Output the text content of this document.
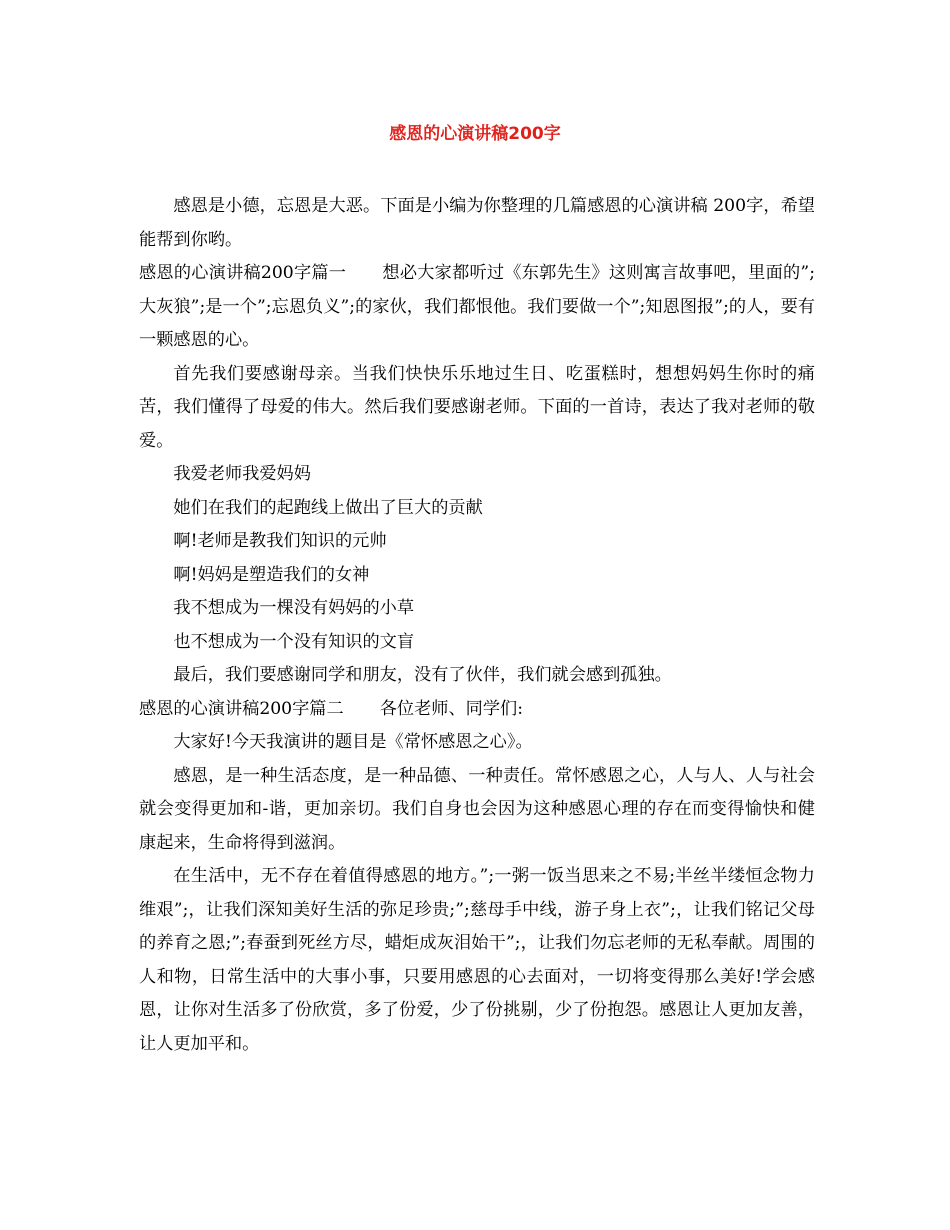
感恩的心演讲稿200字

感恩是小德，忘恩是大恶。下面是小编为你整理的几篇感恩的心演讲稿 200字，希望能帮到你哟。

感恩的心演讲稿200字篇一 想必大家都听过《东郭先生》这则寓言故事吧，里面的”;大灰狼”;是一个”;忘恩负义”;的家伙，我们都恨他。我们要做一个”;知恩图报”;的人，要有一颗感恩的心。

首先我们要感谢母亲。当我们快快乐乐地过生日、吃蛋糕时，想想妈妈生你时的痛苦，我们懂得了母爱的伟大。然后我们要感谢老师。下面的一首诗，表达了我对老师的敬爱。

我爱老师我爱妈妈

她们在我们的起跑线上做出了巨大的贡献

啊!老师是教我们知识的元帅

啊!妈妈是塑造我们的女神

我不想成为一棵没有妈妈的小草

也不想成为一个没有知识的文盲

最后，我们要感谢同学和朋友，没有了伙伴，我们就会感到孤独。

感恩的心演讲稿200字篇二 各位老师、同学们:

大家好!今天我演讲的题目是《常怀感恩之心》。

感恩，是一种生活态度，是一种品德、一种责任。常怀感恩之心，人与人、人与社会就会变得更加和-谐，更加亲切。我们自身也会因为这种感恩心理的存在而变得愉快和健康起来，生命将得到滋润。

在生活中，无不存在着值得感恩的地方。”;一粥一饭当思来之不易;半丝半缕恒念物力维艰”;，让我们深知美好生活的弥足珍贵;”;慈母手中线，游子身上衣”;，让我们铭记父母的养育之恩;”;春蚕到死丝方尽，蜡炬成灰泪始干”;，让我们勿忘老师的无私奉献。周围的人和物，日常生活中的大事小事，只要用感恩的心去面对，一切将变得那么美好!学会感恩，让你对生活多了份欣赏，多了份爱，少了份挑剔，少了份抱怨。感恩让人更加友善，让人更加平和。
